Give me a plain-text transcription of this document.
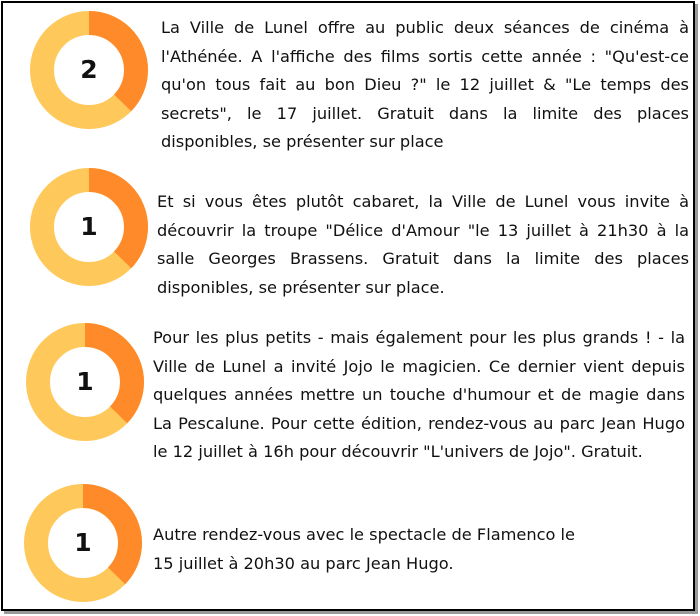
2
La Ville de Lunel offre au public deux séances de cinéma à
l'Athénée. A l'affiche des films sortis cette année : "Qu'est-ce
qu'on tous fait au bon Dieu ?" le 12 juillet & "Le temps des
secrets", le 17 juillet. Gratuit dans la limite des places
disponibles, se présenter sur place
1
Et si vous êtes plutôt cabaret, la Ville de Lunel vous invite à
découvrir la troupe "Délice d'Amour "le 13 juillet à 21h30 à la
salle Georges Brassens. Gratuit dans la limite des places
disponibles, se présenter sur place.
1
Pour les plus petits - mais également pour les plus grands ! - la
Ville de Lunel a invité Jojo le magicien. Ce dernier vient depuis
quelques années mettre un touche d'humour et de magie dans
La Pescalune. Pour cette édition, rendez-vous au parc Jean Hugo
le 12 juillet à 16h pour découvrir "L'univers de Jojo". Gratuit.
1	Autre rendez-vous avec le spectacle de Flamenco le
15 juillet à 20h30 au parc Jean Hugo.
